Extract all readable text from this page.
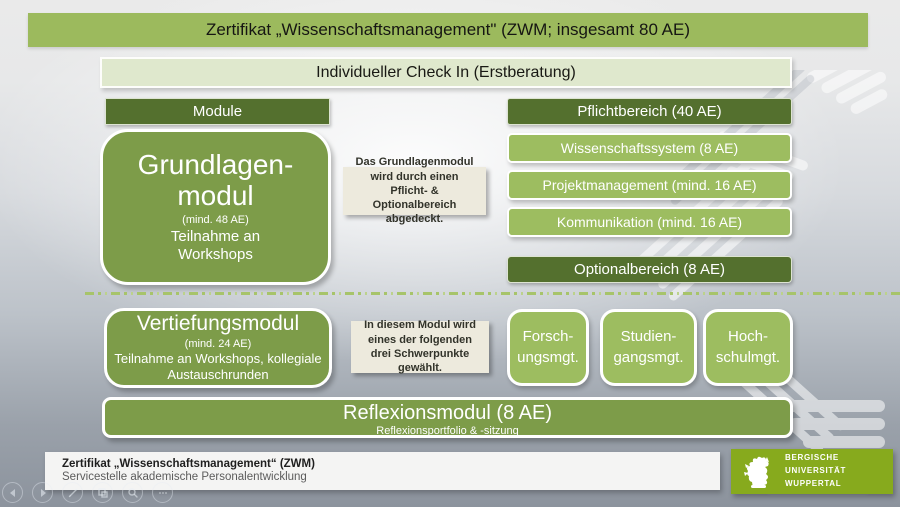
Zertifikat „Wissenschaftsmanagement" (ZWM; insgesamt 80 AE)
Individueller Check In (Erstberatung)
Module
Grundlagen-
modul
(mind. 48 AE)
Teilnahme an Workshops
Das Grundlagenmodul wird durch einen Pflicht- & Optionalbereich abgedeckt.
Pflichtbereich (40 AE)
Wissenschaftssystem (8 AE)
Projektmanagement (mind. 16 AE)
Kommunikation (mind. 16 AE)
Optionalbereich (8 AE)
Vertiefungsmodul
(mind. 24 AE)
Teilnahme an Workshops, kollegiale Austauschrunden
In diesem Modul wird eines der folgenden drei Schwerpunkte gewählt.
Forsch-
ungsmgt.
Studien-
gangsmgt.
Hoch-
schulmgt.
Reflexionsmodul (8 AE)
Reflexionsportfolio & -sitzung
Zertifikat „Wissenschaftsmanagement“ (ZWM)
Servicestelle akademische Personalentwicklung
BERGISCHE
UNIVERSITÄT
WUPPERTAL
